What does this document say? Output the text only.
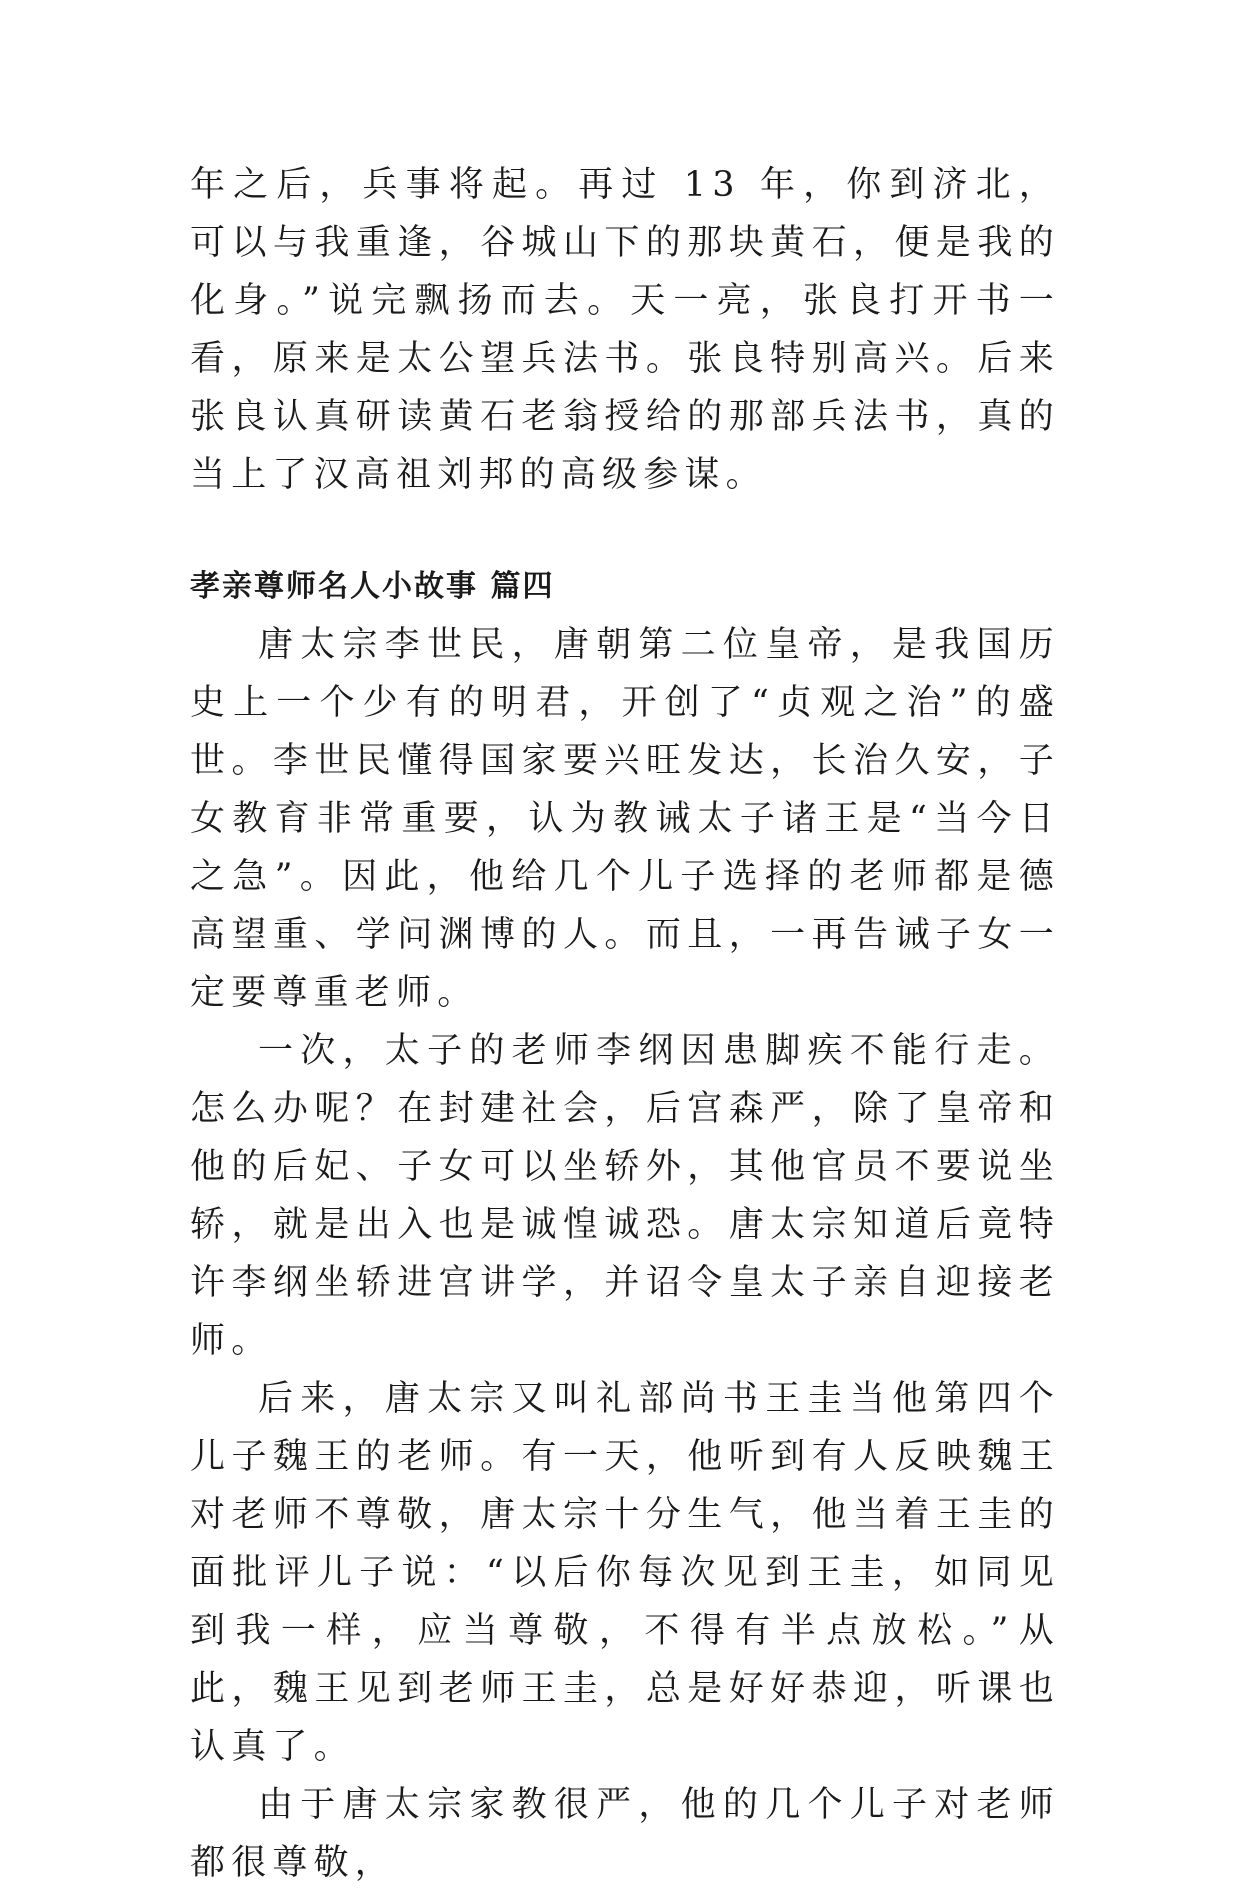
年之后，兵事将起。再过 13 年，你到济北，可以与我重逢，谷城山下的那块黄石，便是我的化身。”说完飘扬而去。天一亮，张良打开书一看，原来是太公望兵法书。张良特别高兴。后来张良认真研读黄石老翁授给的那部兵法书，真的当上了汉高祖刘邦的高级参谋。

孝亲尊师名人小故事 篇四

唐太宗李世民，唐朝第二位皇帝，是我国历史上一个少有的明君，开创了“贞观之治”的盛世。李世民懂得国家要兴旺发达，长治久安，子女教育非常重要，认为教诫太子诸王是“当今日之急”。因此，他给几个儿子选择的老师都是德高望重、学问渊博的人。而且，一再告诫子女一定要尊重老师。

一次，太子的老师李纲因患脚疾不能行走。怎么办呢？在封建社会，后宫森严，除了皇帝和他的后妃、子女可以坐轿外，其他官员不要说坐轿，就是出入也是诚惶诚恐。唐太宗知道后竟特许李纲坐轿进宫讲学，并诏令皇太子亲自迎接老师。

后来，唐太宗又叫礼部尚书王圭当他第四个儿子魏王的老师。有一天，他听到有人反映魏王对老师不尊敬，唐太宗十分生气，他当着王圭的面批评儿子说：“以后你每次见到王圭，如同见到我一样，应当尊敬，不得有半点放松。”从此，魏王见到老师王圭，总是好好恭迎，听课也认真了。

由于唐太宗家教很严，他的几个儿子对老师都很尊敬，
